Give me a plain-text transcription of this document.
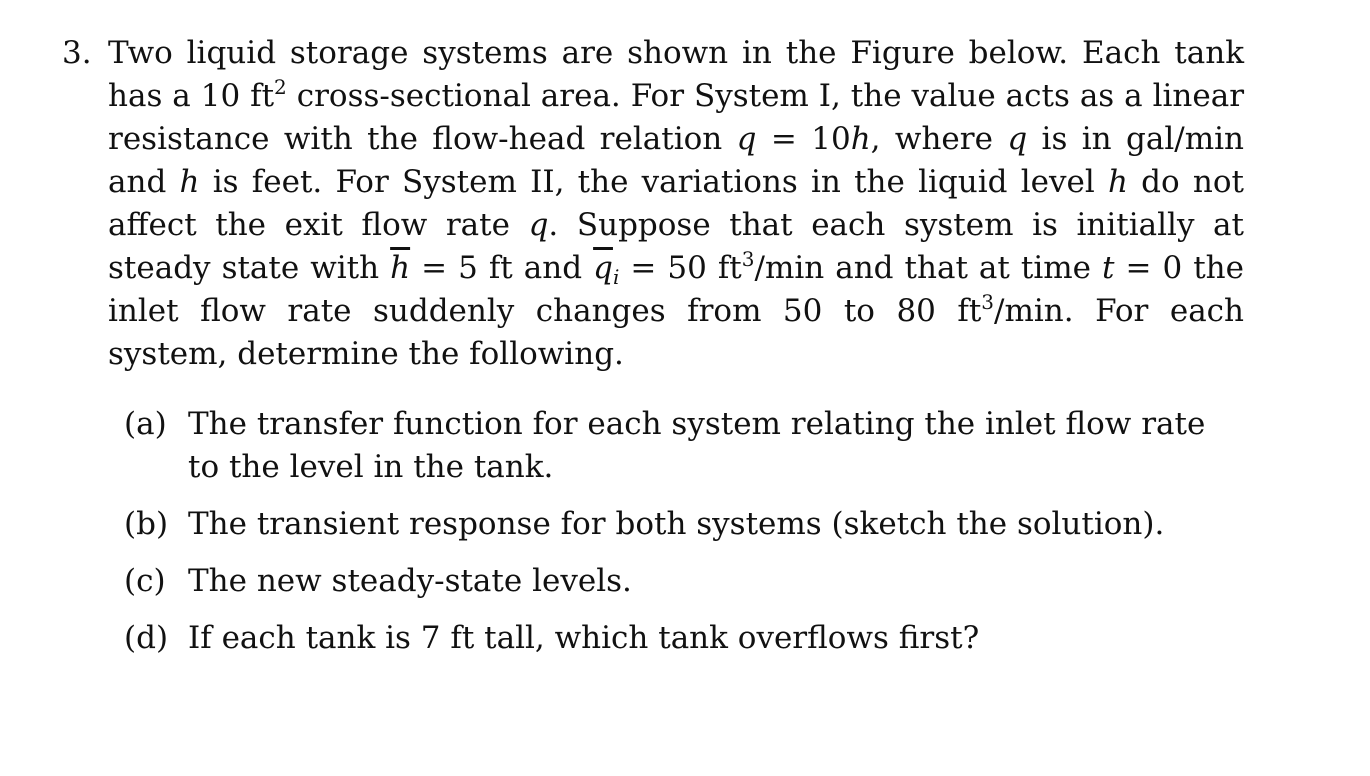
3. Two liquid storage systems are shown in the Figure below. Each tank has a 10 $ft^2$ cross-sectional area. For System I, the value acts as a linear resistance with the flow-head relation q = 10h, where q is in gal/min and h is feet. For System II, the variations in the liquid level h do not affect the exit flow rate q. Suppose that each system is initially at steady state with $\overline{h} = 5$ ft and $\overline{q}_i = 50$ $ft^3/\min$ and that at time t = 0 the inlet flow rate suddenly changes from 50 to 80 $ft^3/\min$. For each system, determine the following.
(a) The transfer function for each system relating the inlet flow rate to the level in the tank.
(b) The transient response for both systems (sketch the solution).
(c) The new steady-state levels.
(d) If each tank is 7 ft tall, which tank overflows first?
